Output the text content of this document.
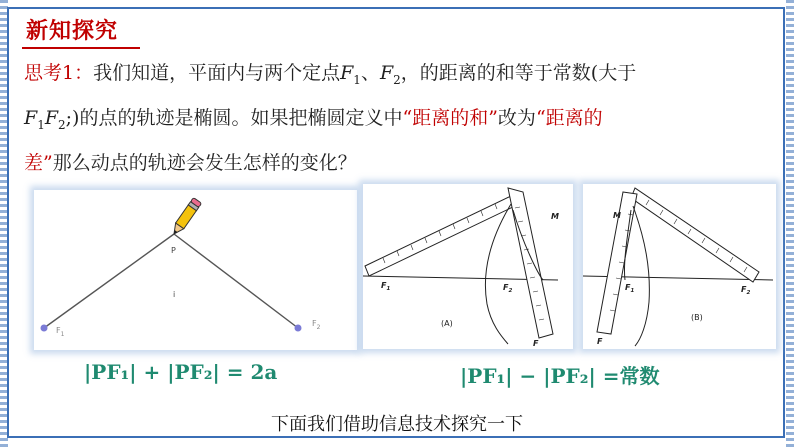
新知探究
思考1：我们知道，平面内与两个定点$F_1$、$F_2$，的距离的和等于常数(大于
$F_1F_2$;)的点的轨迹是椭圆。如果把椭圆定义中“距离的和”改为“距离的
差”那么动点的轨迹会发生怎样的变化？
P
i
$F_1$
$F_2$
M
$F_1$	$F_2$
F
(A)
M
$F_1$	$F_2$
F
(B)
|PF₁| + |PF₂| = 2a	|PF₁| − |PF₂| =常数
下面我们借助信息技术探究一下
